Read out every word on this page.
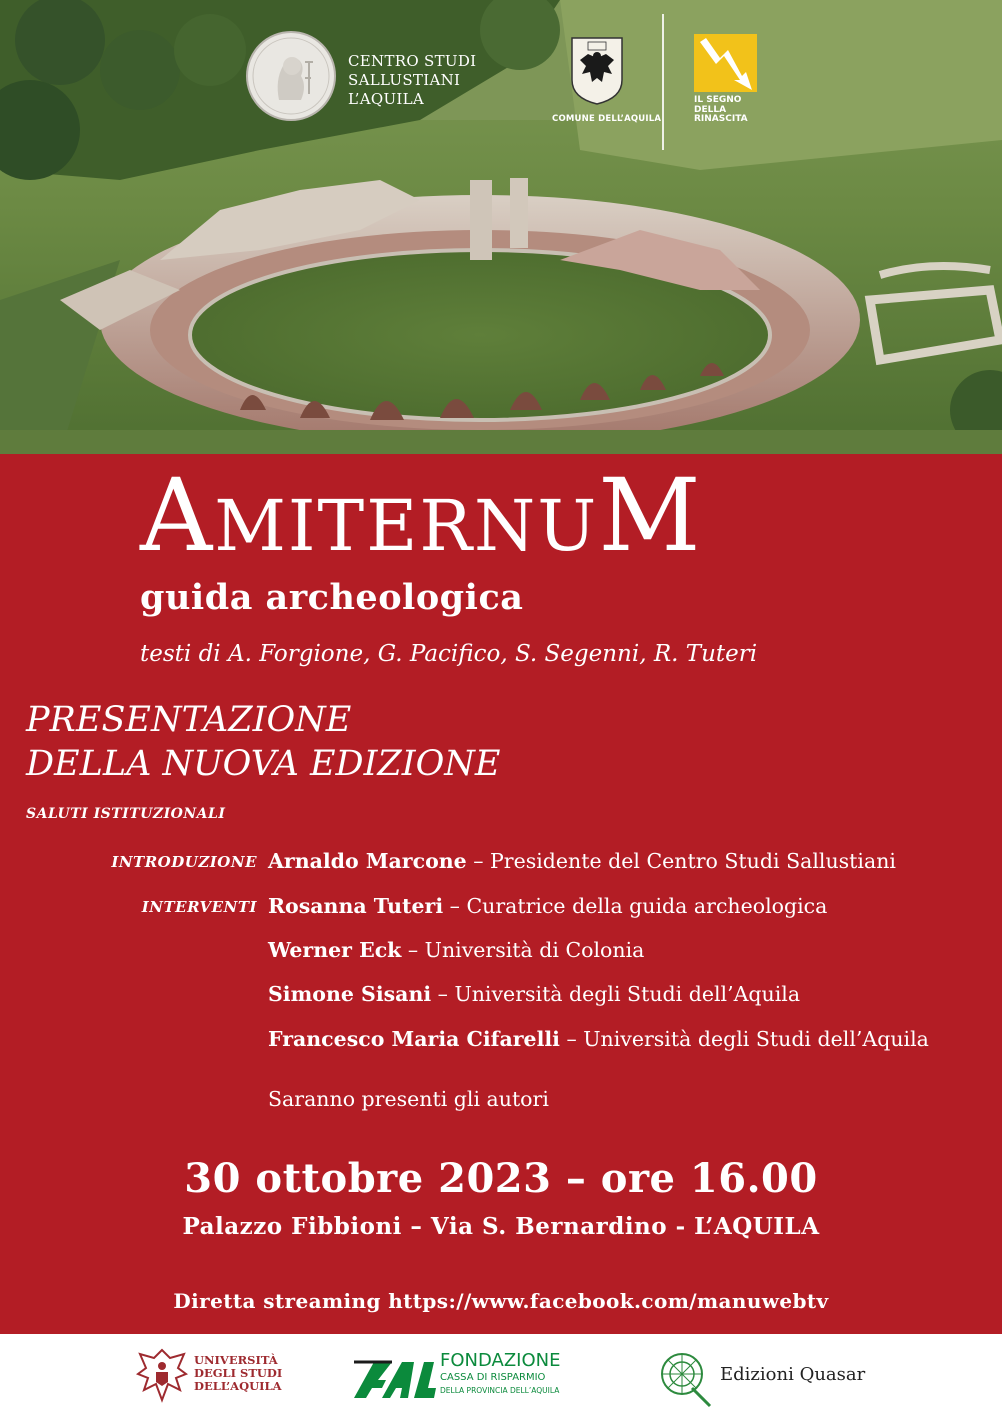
CENTRO STUDI
SALLUSTIANI
L’AQUILA
COMUNE DELL’AQUILA
IL SEGNO
DELLA
RINASCITA
AMITERNUM
guida archeologica
testi di A. Forgione, G. Pacifico, S. Segenni, R. Tuteri
PRESENTAZIONE
DELLA NUOVA EDIZIONE
SALUTI ISTITUZIONALI
INTRODUZIONE Arnaldo Marcone – Presidente del Centro Studi Sallustiani
INTERVENTI Rosanna Tuteri – Curatrice della guida archeologica
Werner Eck – Università di Colonia
Simone Sisani – Università degli Studi dell’Aquila
Francesco Maria Cifarelli – Università degli Studi dell’Aquila
Saranno presenti gli autori
30 ottobre 2023 – ore 16.00
Palazzo Fibbioni – Via S. Bernardino - L’AQUILA
Diretta streaming https://www.facebook.com/manuwebtv
UNIVERSITÀ
DEGLI STUDI
DELL’AQUILA
FONDAZIONE
CASSA DI RISPARMIO
DELLA PROVINCIA DELL’AQUILA
Edizioni Quasar
